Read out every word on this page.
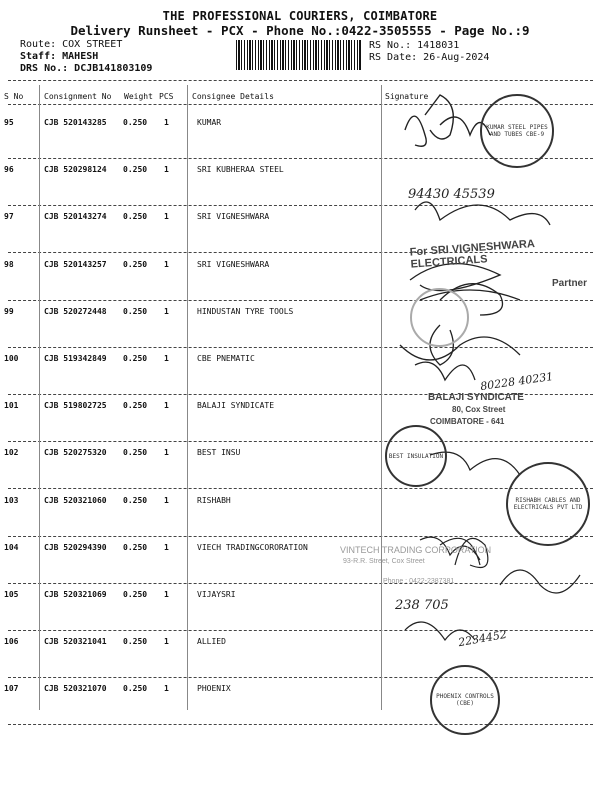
THE PROFESSIONAL COURIERS, COIMBATORE
Delivery Runsheet - PCX - Phone No.:0422-3505555 - Page No.:9
Route: COX STREET
Staff: MAHESH
DRS No.: DCJB141803109
RS No.: 1418031
RS Date: 26-Aug-2024
S No	Consignment No Weight PCS Consignee Details	Signature
95	CJB 520143285 0.250 1	KUMAR
96	CJB 520298124 0.250 1	SRI KUBHERAA STEEL
97	CJB 520143274 0.250 1	SRI VIGNESHWARA
98	CJB 520143257 0.250 1	SRI VIGNESHWARA
99	CJB 520272448 0.250 1	HINDUSTAN TYRE TOOLS
100	CJB 519342849 0.250 1	CBE PNEMATIC
101	CJB 519802725 0.250 1	BALAJI SYNDICATE
102	CJB 520275320 0.250 1	BEST INSU
103	CJB 520321060 0.250 1	RISHABH
104	CJB 520294390 0.250 1	VIECH TRADINGCORORATION
105	CJB 520321069 0.250 1	VIJAYSRI
106	CJB 520321041 0.250 1	ALLIED
107	CJB 520321070 0.250 1	PHOENIX
KUMAR STEEL PIPES AND TUBES CBE-9
94430 45539
For SRI VIGNESHWARA ELECTRICALS
Partner
80228 40231
BALAJI SYNDICATE
80, Cox Street
COIMBATORE - 641
BEST INSULATION
RISHABH CABLES AND ELECTRICALS PVT LTD
VINTECH TRADING CORPORATION
93-R.R. Street, Cox Street
Phone : 0422-2387381
238 705
2234452
PHOENIX CONTROLS (CBE)
